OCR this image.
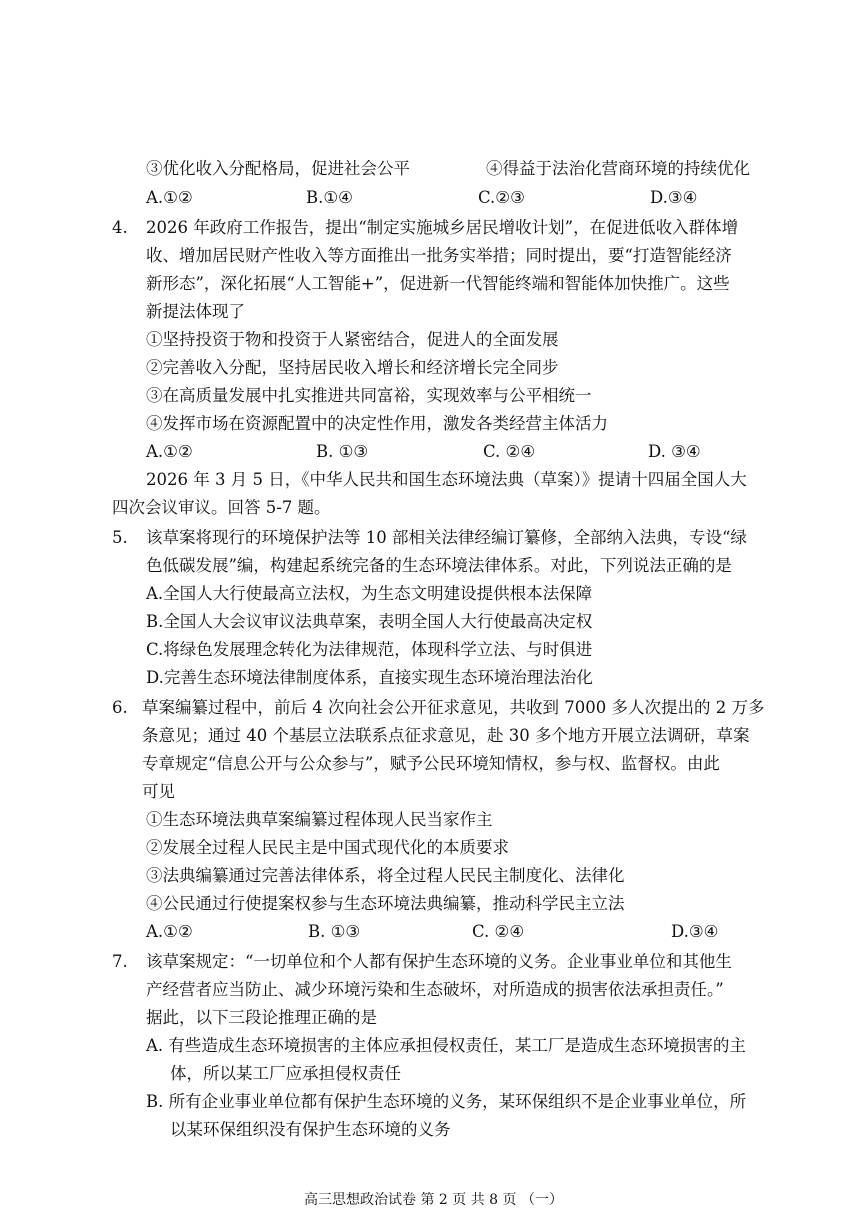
③优化收入分配格局，促进社会公平	④得益于法治化营商环境的持续优化
A.①②	B.①④	C.②③	D.③④
4. 2026 年政府工作报告，提出“制定实施城乡居民增收计划”，在促进低收入群体增
收、增加居民财产性收入等方面推出一批务实举措；同时提出，要“打造智能经济
新形态”，深化拓展“人工智能+”，促进新一代智能终端和智能体加快推广。这些
新提法体现了
①坚持投资于物和投资于人紧密结合，促进人的全面发展
②完善收入分配，坚持居民收入增长和经济增长完全同步
③在高质量发展中扎实推进共同富裕，实现效率与公平相统一
④发挥市场在资源配置中的决定性作用，激发各类经营主体活力
A.①②	B. ①③	C. ②④	D. ③④
2026 年 3 月 5 日，《中华人民共和国生态环境法典（草案）》提请十四届全国人大
四次会议审议。回答 5-7 题。
5. 该草案将现行的环境保护法等 10 部相关法律经编订纂修，全部纳入法典，专设“绿
色低碳发展”编，构建起系统完备的生态环境法律体系。对此，下列说法正确的是
A.全国人大行使最高立法权，为生态文明建设提供根本法保障
B.全国人大会议审议法典草案，表明全国人大行使最高决定权
C.将绿色发展理念转化为法律规范，体现科学立法、与时俱进
D.完善生态环境法律制度体系，直接实现生态环境治理法治化
6. 草案编纂过程中，前后 4 次向社会公开征求意见，共收到 7000 多人次提出的 2 万多
条意见；通过 40 个基层立法联系点征求意见，赴 30 多个地方开展立法调研，草案
专章规定“信息公开与公众参与”，赋予公民环境知情权，参与权、监督权。由此
可见
①生态环境法典草案编纂过程体现人民当家作主
②发展全过程人民民主是中国式现代化的本质要求
③法典编纂通过完善法律体系，将全过程人民民主制度化、法律化
④公民通过行使提案权参与生态环境法典编纂，推动科学民主立法
A.①②	B. ①③	C. ②④	D.③④
7. 该草案规定：“一切单位和个人都有保护生态环境的义务。企业事业单位和其他生
产经营者应当防止、减少环境污染和生态破坏，对所造成的损害依法承担责任。”
据此，以下三段论推理正确的是
A. 有些造成生态环境损害的主体应承担侵权责任，某工厂是造成生态环境损害的主
体，所以某工厂应承担侵权责任
B. 所有企业事业单位都有保护生态环境的义务，某环保组织不是企业事业单位，所
以某环保组织没有保护生态环境的义务
高三思想政治试卷 第 2 页 共 8 页 （一）
